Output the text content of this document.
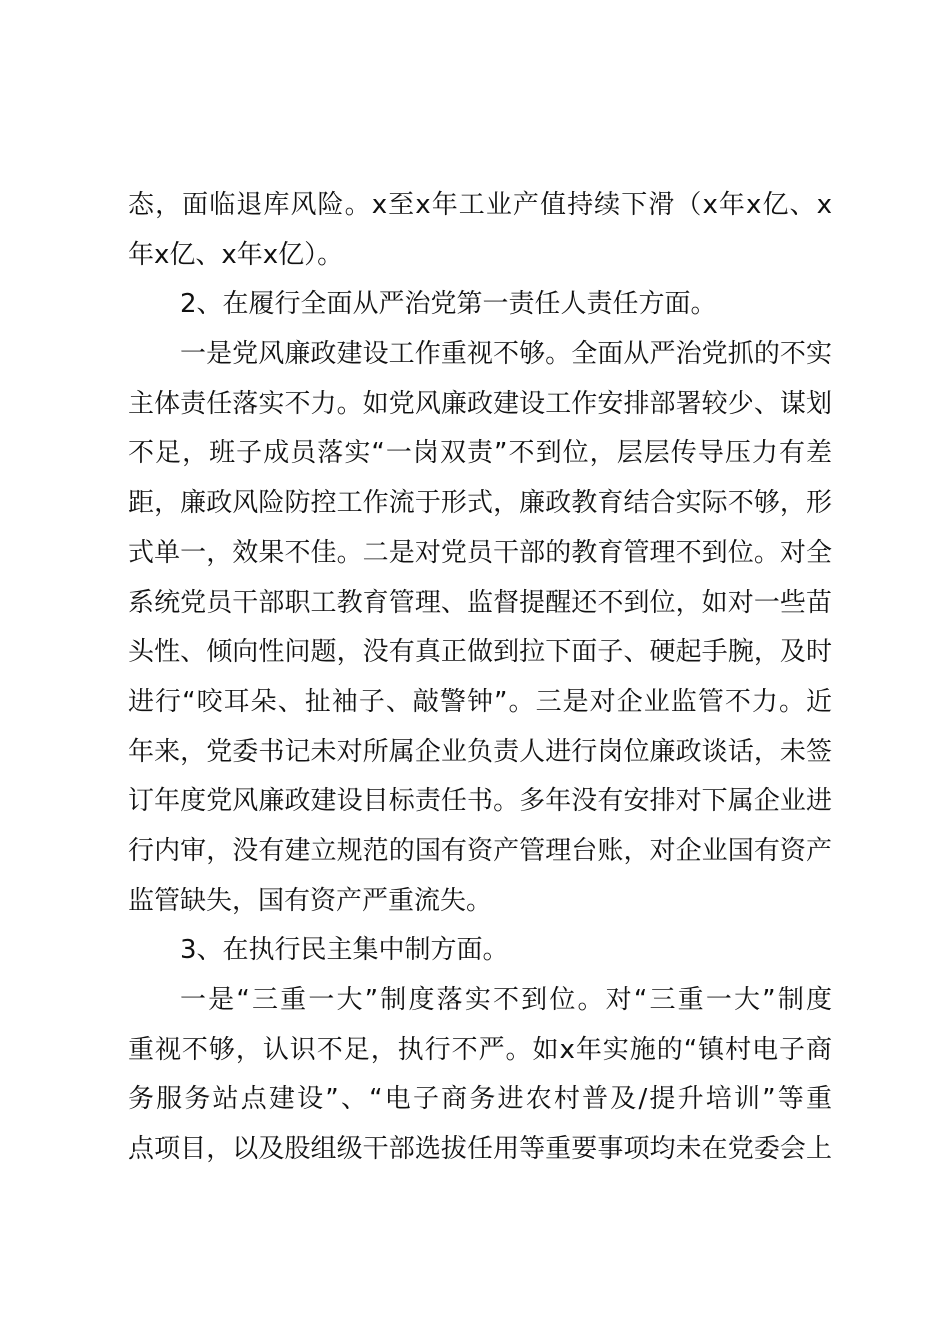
态，面临退库风险。x至x年工业产值持续下滑（x年x亿、x
年x亿、x年x亿）。
2、在履行全面从严治党第一责任人责任方面。
一是党风廉政建设工作重视不够。全面从严治党抓的不实
主体责任落实不力。如党风廉政建设工作安排部署较少、谋划
不足，班子成员落实“一岗双责”不到位，层层传导压力有差
距，廉政风险防控工作流于形式，廉政教育结合实际不够，形
式单一，效果不佳。二是对党员干部的教育管理不到位。对全
系统党员干部职工教育管理、监督提醒还不到位，如对一些苗
头性、倾向性问题，没有真正做到拉下面子、硬起手腕，及时
进行“咬耳朵、扯袖子、敲警钟”。三是对企业监管不力。近
年来，党委书记未对所属企业负责人进行岗位廉政谈话，未签
订年度党风廉政建设目标责任书。多年没有安排对下属企业进
行内审，没有建立规范的国有资产管理台账，对企业国有资产
监管缺失，国有资产严重流失。
3、在执行民主集中制方面。
一是“三重一大”制度落实不到位。对“三重一大”制度
重视不够，认识不足，执行不严。如x年实施的“镇村电子商
务服务站点建设”、“电子商务进农村普及/提升培训”等重
点项目，以及股组级干部选拔任用等重要事项均未在党委会上
